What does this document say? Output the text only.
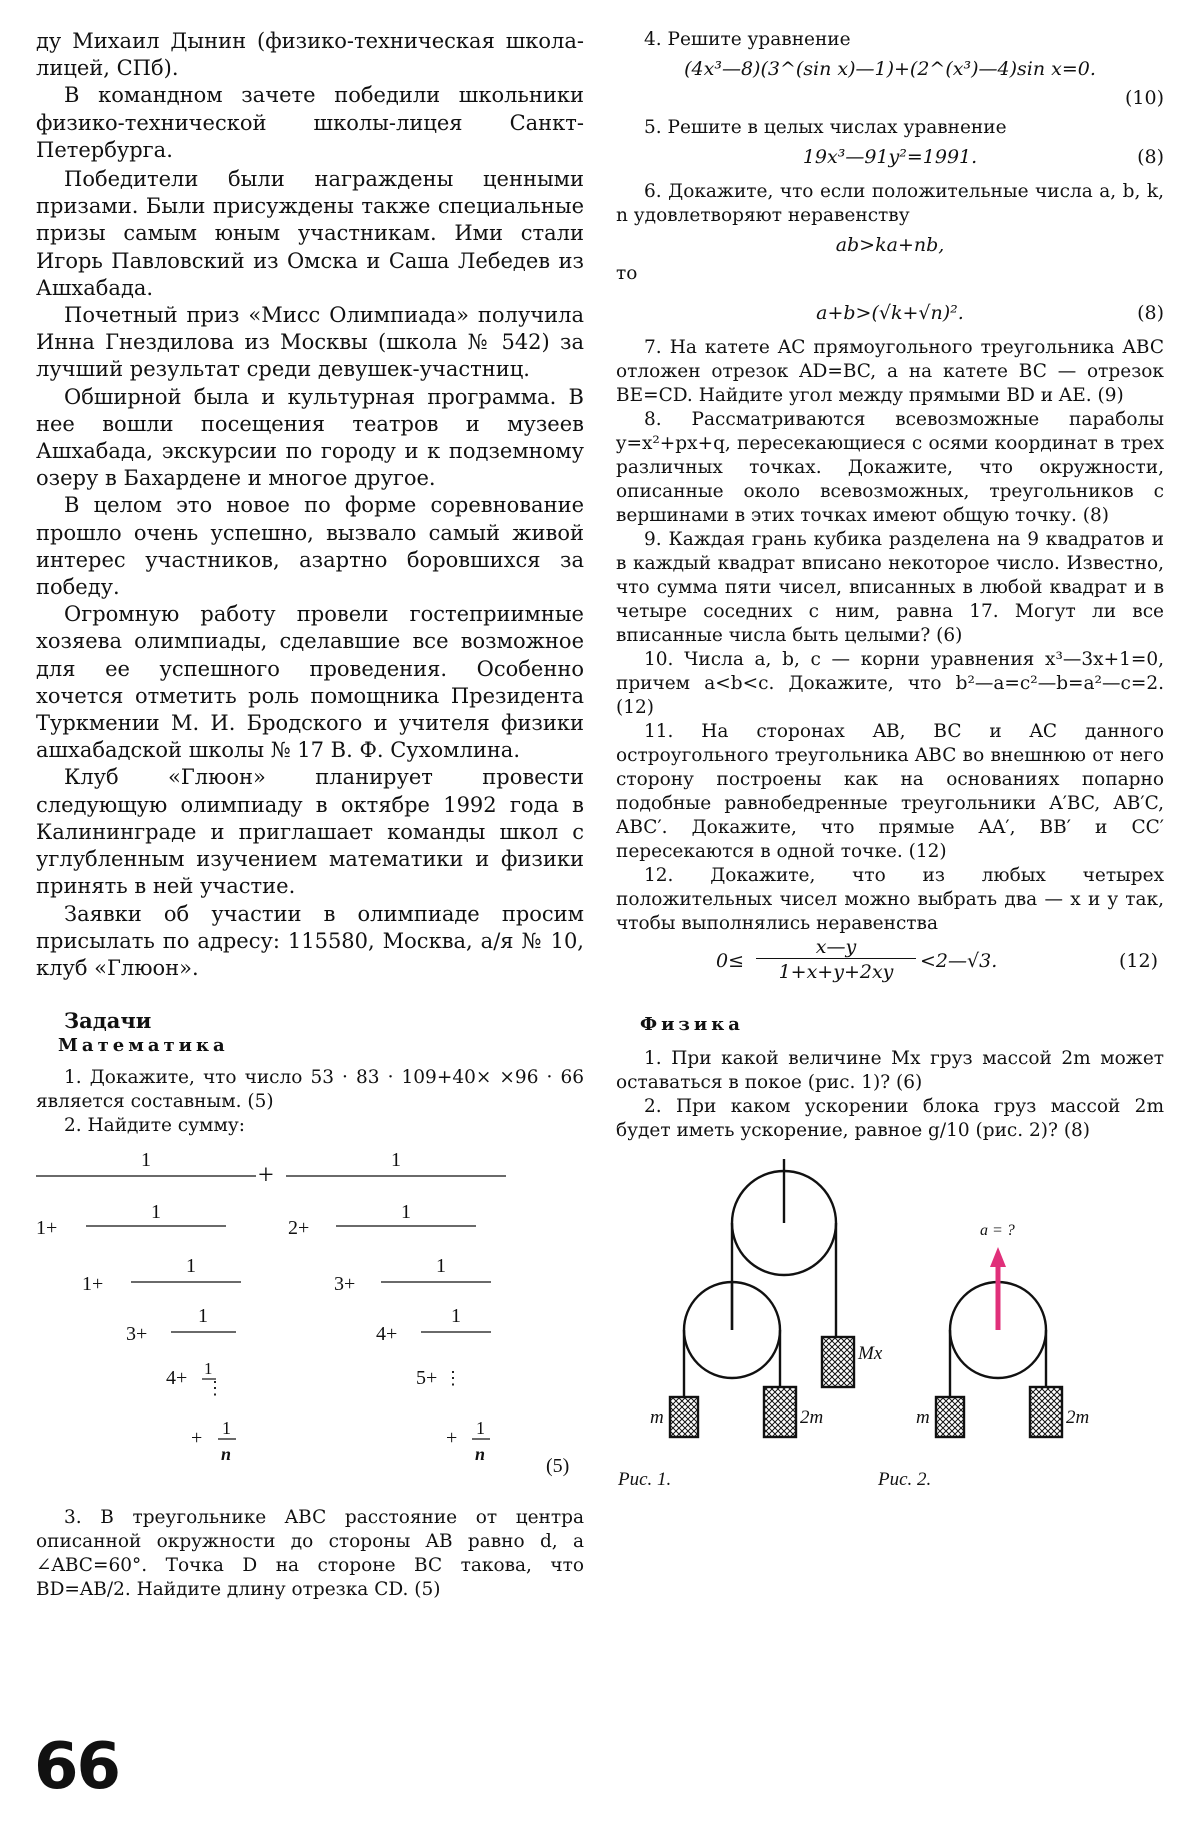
ду Михаил Дынин (физико-техническая школа-лицей, СПб).

В командном зачете победили школьники физико-технической школы-лицея Санкт-Петербурга.

Победители были награждены ценными призами. Были присуждены также специальные призы самым юным участникам. Ими стали Игорь Павловский из Омска и Саша Лебедев из Ашхабада.

Почетный приз «Мисс Олимпиада» получила Инна Гнездилова из Москвы (школа № 542) за лучший результат среди девушек-участниц.

Обширной была и культурная программа. В нее вошли посещения театров и музеев Ашхабада, экскурсии по городу и к подземному озеру в Бахардене и многое другое.

В целом это новое по форме соревнование прошло очень успешно, вызвало самый живой интерес участников, азартно боровшихся за победу.

Огромную работу провели гостеприимные хозяева олимпиады, сделавшие все возможное для ее успешного проведения. Особенно хочется отметить роль помощника Президента Туркмении М. И. Бродского и учителя физики ашхабадской школы № 17 В. Ф. Сухомлина.

Клуб «Глюон» планирует провести следующую олимпиаду в октябре 1992 года в Калининграде и приглашает команды школ с углубленным изучением математики и физики принять в ней участие.

Заявки об участии в олимпиаде просим присылать по адресу: 115580, Москва, а/я № 10, клуб «Глюон».

Задачи

Математика

1. Докажите, что число 53 · 83 · 109+40× ×96 · 66 является составным. (5)

2. Найдите сумму:

1
1+
1
1+
1
3+
1
4+ 1
⋮
+ 1
n
+	1
2+
1
3+
1
4+
1
5+ ⋮
+ 1
n
(5)

3. В треугольнике ABC расстояние от центра описанной окружности до стороны AB равно d, а ∠ABC=60°. Точка D на стороне BC такова, что BD=AB/2. Найдите длину отрезка CD. (5)

4. Решите уравнение

(4x³—8)(3^(sin x)—1)+(2^(x³)—4)sin x=0.
(10)

5. Решите в целых числах уравнение

19x³—91y²=1991.	(8)

6. Докажите, что если положительные числа a, b, k, n удовлетворяют неравенству

ab>ka+nb,

то

a+b>(√k+√n)².	(8)

7. На катете AC прямоугольного треугольника ABC отложен отрезок AD=BC, а на катете BC — отрезок BE=CD. Найдите угол между прямыми BD и AE. (9)

8. Рассматриваются всевозможные параболы y=x²+px+q, пересекающиеся с осями координат в трех различных точках. Докажите, что окружности, описанные около всевозможных, треугольников с вершинами в этих точках имеют общую точку. (8)

9. Каждая грань кубика разделена на 9 квадратов и в каждый квадрат вписано некоторое число. Известно, что сумма пяти чисел, вписанных в любой квадрат и в четыре соседних с ним, равна 17. Могут ли все вписанные числа быть целыми? (6)

10. Числа a, b, c — корни уравнения x³—3x+1=0, причем a<b<c. Докажите, что b²—a=c²—b=a²—c=2. (12)

11. На сторонах AB, BC и AC данного остроугольного треугольника ABC во внешнюю от него сторону построены как на основаниях попарно подобные равнобедренные треугольники A′BC, AB′C, ABC′. Докажите, что прямые AA′, BB′ и CC′ пересекаются в одной точке. (12)

12. Докажите, что из любых четырех положительных чисел можно выбрать два — x и y так, чтобы выполнялись неравенства

0≤
x—y
1+x+y+2xy	<2—√3.	(12)

Физика

1. При какой величине Mx груз массой 2m может оставаться в покое (рис. 1)? (6)

2. При каком ускорении блока груз массой 2m будет иметь ускорение, равное g/10 (рис. 2)? (8)

Mx
m	2m
a = ?
m	2m
Рис. 1.	Рис. 2.
66
